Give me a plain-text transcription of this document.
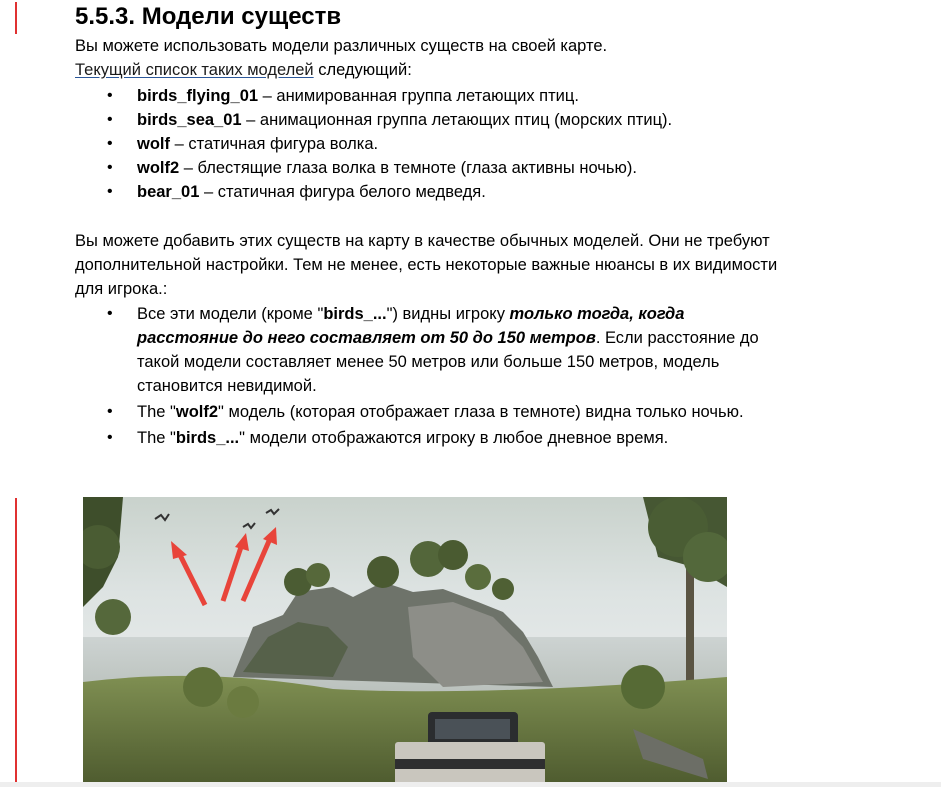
5.5.3. Модели существ
Вы можете использовать модели различных существ на своей карте.
Текущий список таких моделей следующий:
• birds_flying_01 – анимированная группа летающих птиц.
• birds_sea_01 – анимационная группа летающих птиц (морских птиц).
• wolf – статичная фигура волка.
• wolf2 – блестящие глаза волка в темноте (глаза активны ночью).
• bear_01 – статичная фигура белого медведя.
Вы можете добавить этих существ на карту в качестве обычных моделей. Они не требуют дополнительной настройки. Тем не менее, есть некоторые важные нюансы в их видимости для игрока.:
• Все эти модели (кроме "birds_...") видны игроку только тогда, когда расстояние до него составляет от 50 до 150 метров. Если расстояние до такой модели составляет менее 50 метров или больше 150 метров, модель становится невидимой.
• The "wolf2" модель (которая отображает глаза в темноте) видна только ночью.
• The "birds_..." модели отображаются игроку в любое дневное время.
